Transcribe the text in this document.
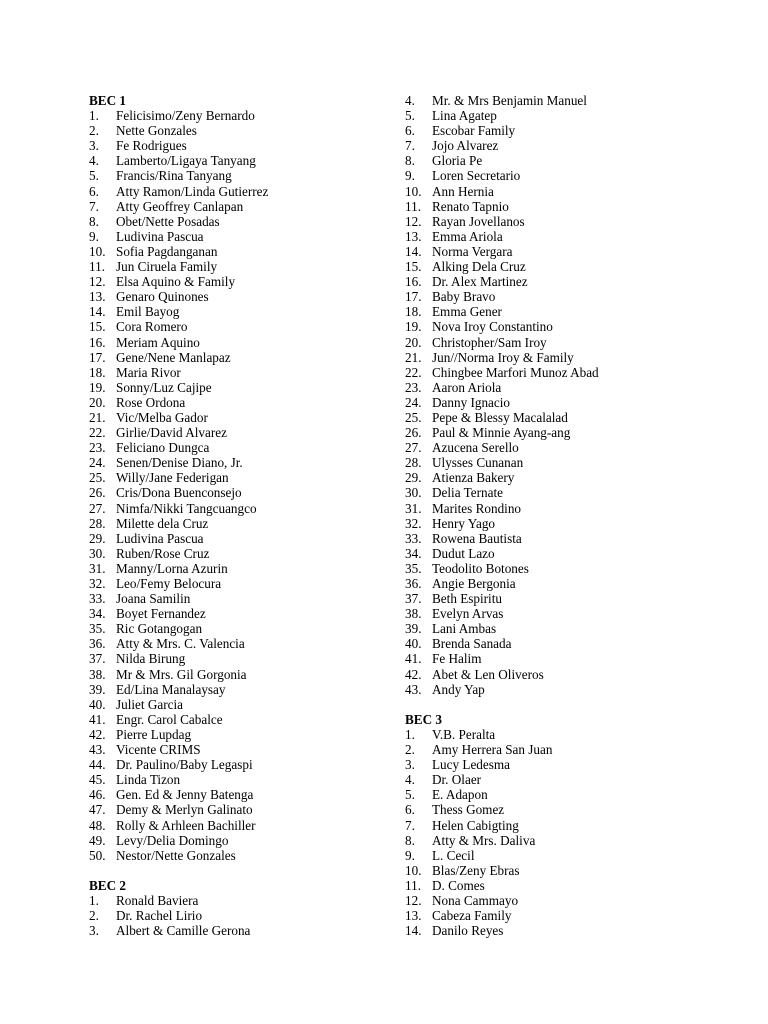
BEC 1
1. Felicisimo/Zeny Bernardo
2. Nette Gonzales
3. Fe Rodrigues
4. Lamberto/Ligaya Tanyang
5. Francis/Rina Tanyang
6. Atty Ramon/Linda Gutierrez
7. Atty Geoffrey Canlapan
8. Obet/Nette Posadas
9. Ludivina Pascua
10. Sofia Pagdanganan
11. Jun Ciruela Family
12. Elsa Aquino & Family
13. Genaro Quinones
14. Emil Bayog
15. Cora Romero
16. Meriam Aquino
17. Gene/Nene Manlapaz
18. Maria Rivor
19. Sonny/Luz Cajipe
20. Rose Ordona
21. Vic/Melba Gador
22. Girlie/David Alvarez
23. Feliciano Dungca
24. Senen/Denise Diano, Jr.
25. Willy/Jane Federigan
26. Cris/Dona Buenconsejo
27. Nimfa/Nikki Tangcuangco
28. Milette dela Cruz
29. Ludivina Pascua
30. Ruben/Rose Cruz
31. Manny/Lorna Azurin
32. Leo/Femy Belocura
33. Joana Samilin
34. Boyet Fernandez
35. Ric Gotangogan
36. Atty & Mrs. C. Valencia
37. Nilda Birung
38. Mr & Mrs. Gil Gorgonia
39. Ed/Lina Manalaysay
40. Juliet Garcia
41. Engr. Carol Cabalce
42. Pierre Lupdag
43. Vicente CRIMS
44. Dr. Paulino/Baby Legaspi
45. Linda Tizon
46. Gen. Ed & Jenny Batenga
47. Demy & Merlyn Galinato
48. Rolly & Arhleen Bachiller
49. Levy/Delia Domingo
50. Nestor/Nette Gonzales
BEC 2
1. Ronald Baviera
2. Dr. Rachel Lirio
3. Albert & Camille Gerona
4. Mr. & Mrs Benjamin Manuel
5. Lina Agatep
6. Escobar Family
7. Jojo Alvarez
8. Gloria Pe
9. Loren Secretario
10. Ann Hernia
11. Renato Tapnio
12. Rayan Jovellanos
13. Emma Ariola
14. Norma Vergara
15. Alking Dela Cruz
16. Dr. Alex Martinez
17. Baby Bravo
18. Emma Gener
19. Nova Iroy Constantino
20. Christopher/Sam Iroy
21. Jun//Norma Iroy & Family
22. Chingbee Marfori Munoz Abad
23. Aaron Ariola
24. Danny Ignacio
25. Pepe & Blessy Macalalad
26. Paul & Minnie Ayang-ang
27. Azucena Serello
28. Ulysses Cunanan
29. Atienza Bakery
30. Delia Ternate
31. Marites Rondino
32. Henry Yago
33. Rowena Bautista
34. Dudut Lazo
35. Teodolito Botones
36. Angie Bergonia
37. Beth Espiritu
38. Evelyn Arvas
39. Lani Ambas
40. Brenda Sanada
41. Fe Halim
42. Abet & Len Oliveros
43. Andy Yap
BEC 3
1. V.B. Peralta
2. Amy Herrera San Juan
3. Lucy Ledesma
4. Dr. Olaer
5. E. Adapon
6. Thess Gomez
7. Helen Cabigting
8. Atty & Mrs. Daliva
9. L. Cecil
10. Blas/Zeny Ebras
11. D. Comes
12. Nona Cammayo
13. Cabeza Family
14. Danilo Reyes
